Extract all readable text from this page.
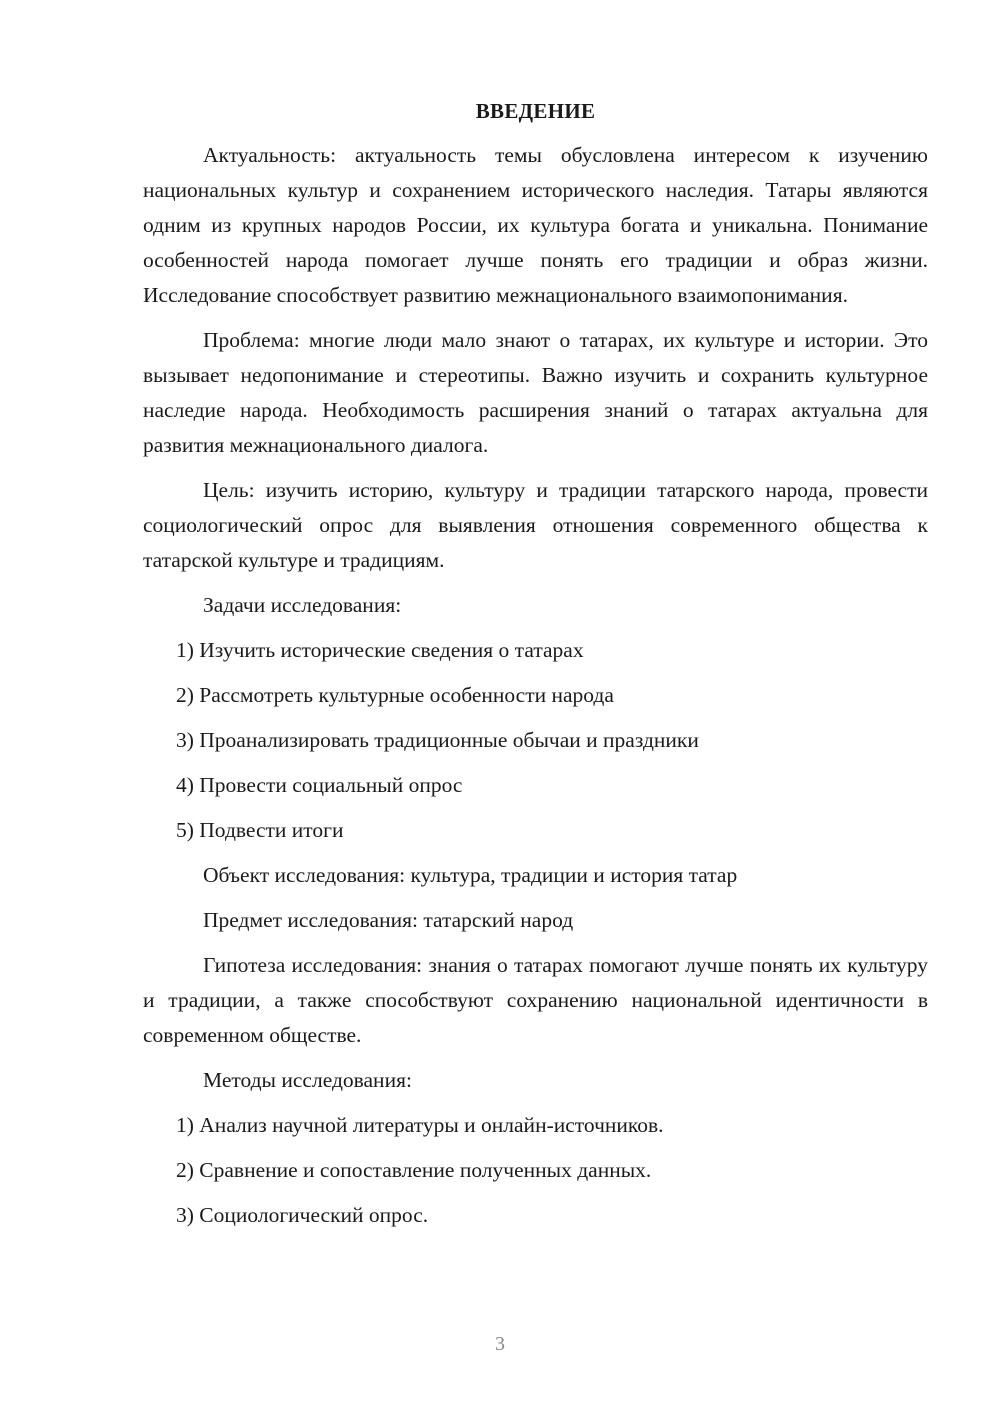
ВВЕДЕНИЕ

Актуальность: актуальность темы обусловлена интересом к изучению национальных культур и сохранением исторического наследия. Татары являются одним из крупных народов России, их культура богата и уникальна. Понимание особенностей народа помогает лучше понять его традиции и образ жизни. Исследование способствует развитию межнационального взаимопонимания.

Проблема: многие люди мало знают о татарах, их культуре и истории. Это вызывает недопонимание и стереотипы. Важно изучить и сохранить культурное наследие народа. Необходимость расширения знаний о татарах актуальна для развития межнационального диалога.

Цель: изучить историю, культуру и традиции татарского народа, провести социологический опрос для выявления отношения современного общества к татарской культуре и традициям.

Задачи исследования:

1) Изучить исторические сведения о татарах

2) Рассмотреть культурные особенности народа

3) Проанализировать традиционные обычаи и праздники

4) Провести социальный опрос

5) Подвести итоги

Объект исследования: культура, традиции и история татар

Предмет исследования: татарский народ

Гипотеза исследования: знания о татарах помогают лучше понять их культуру и традиции, а также способствуют сохранению национальной идентичности в современном обществе.

Методы исследования:

1) Анализ научной литературы и онлайн-источников.

2) Сравнение и сопоставление полученных данных.

3) Социологический опрос.

3
